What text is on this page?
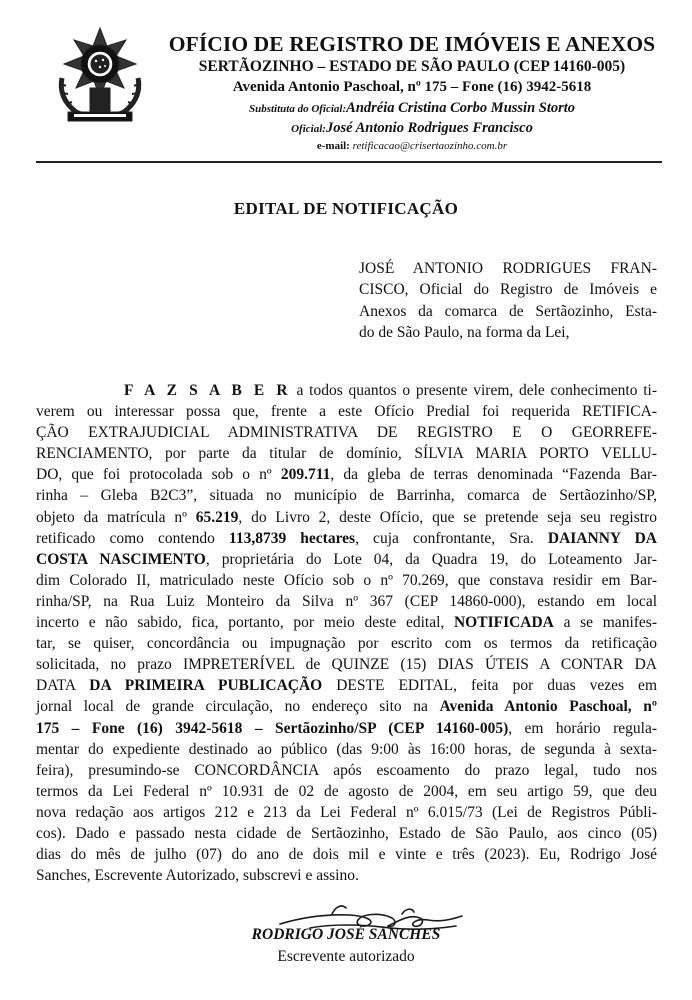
OFÍCIO DE REGISTRO DE IMÓVEIS E ANEXOS
SERTÃOZINHO – ESTADO DE SÃO PAULO (CEP 14160-005)
Avenida Antonio Paschoal, nº 175 – Fone (16) 3942-5618
Substituta do Oficial:Andréia Cristina Corbo Mussin Storto
Oficial:José Antonio Rodrigues Francisco
e-mail: retificacao@crisertaozinho.com.br
EDITAL DE NOTIFICAÇÃO
JOSÉ ANTONIO RODRIGUES FRAN-
CISCO, Oficial do Registro de Imóveis e
Anexos da comarca de Sertãozinho, Esta-
do de São Paulo, na forma da Lei,
F A Z S A B E R a todos quantos o presente virem, dele conhecimento ti-
verem ou interessar possa que, frente a este Ofício Predial foi requerida RETIFICA-
ÇÃO EXTRAJUDICIAL ADMINISTRATIVA DE REGISTRO E O GEORREFE-
RENCIAMENTO, por parte da titular de domínio, SÍLVIA MARIA PORTO VELLU-
DO, que foi protocolada sob o nº 209.711, da gleba de terras denominada “Fazenda Bar-
rinha – Gleba B2C3”, situada no município de Barrinha, comarca de Sertãozinho/SP,
objeto da matrícula nº 65.219, do Livro 2, deste Ofício, que se pretende seja seu registro
retificado como contendo 113,8739 hectares, cuja confrontante, Sra. DAIANNY DA
COSTA NASCIMENTO, proprietária do Lote 04, da Quadra 19, do Loteamento Jar-
dim Colorado II, matriculado neste Ofício sob o nº 70.269, que constava residir em Bar-
rinha/SP, na Rua Luiz Monteiro da Silva nº 367 (CEP 14860-000), estando em local
incerto e não sabido, fica, portanto, por meio deste edital, NOTIFICADA a se manifes-
tar, se quiser, concordância ou impugnação por escrito com os termos da retificação
solicitada, no prazo IMPRETERÍVEL de QUINZE (15) DIAS ÚTEIS A CONTAR DA
DATA DA PRIMEIRA PUBLICAÇÃO DESTE EDITAL, feita por duas vezes em
jornal local de grande circulação, no endereço sito na Avenida Antonio Paschoal, nº
175 – Fone (16) 3942-5618 – Sertãozinho/SP (CEP 14160-005), em horário regula-
mentar do expediente destinado ao público (das 9:00 às 16:00 horas, de segunda à sexta-
feira), presumindo-se CONCORDÂNCIA após escoamento do prazo legal, tudo nos
termos da Lei Federal nº 10.931 de 02 de agosto de 2004, em seu artigo 59, que deu
nova redação aos artigos 212 e 213 da Lei Federal nº 6.015/73 (Lei de Registros Públi-
cos). Dado e passado nesta cidade de Sertãozinho, Estado de São Paulo, aos cinco (05)
dias do mês de julho (07) do ano de dois mil e vinte e três (2023). Eu, Rodrigo José
Sanches, Escrevente Autorizado, subscrevi e assino.
RODRIGO JOSÉ SANCHES
Escrevente autorizado
